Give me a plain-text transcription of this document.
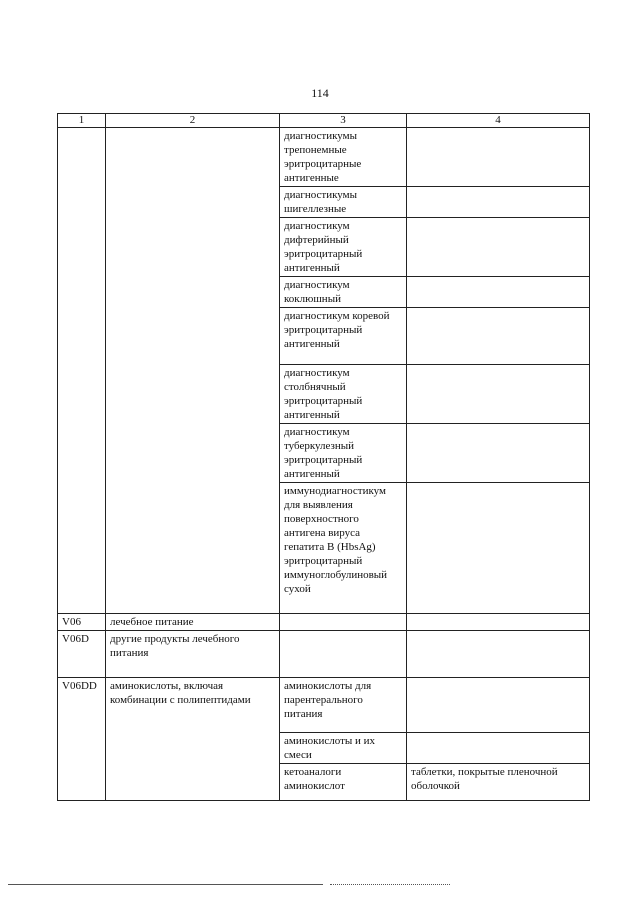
114
1	2	3	4
		диагностикумы трепонемные эритроцитарные антигенные	
		диагностикумы шигеллезные	
		диагностикум дифтерийный эритроцитарный антигенный	
		диагностикум коклюшный	
		диагностикум коревой эритроцитарный антигенный	
		диагностикум столбнячный эритроцитарный антигенный	
		диагностикум туберкулезный эритроцитарный антигенный	
		иммунодиагностикум для выявления поверхностного антигена вируса гепатита В (HbsAg) эритроцитарный иммуноглобулиновый сухой	
V06	лечебное питание		
V06D	другие продукты лечебного питания		
V06DD	аминокислоты, включая комбинации с полипептидами	аминокислоты для парентерального питания	
		аминокислоты и их смеси	
		кетоаналоги аминокислот	таблетки, покрытые пленочной оболочкой
